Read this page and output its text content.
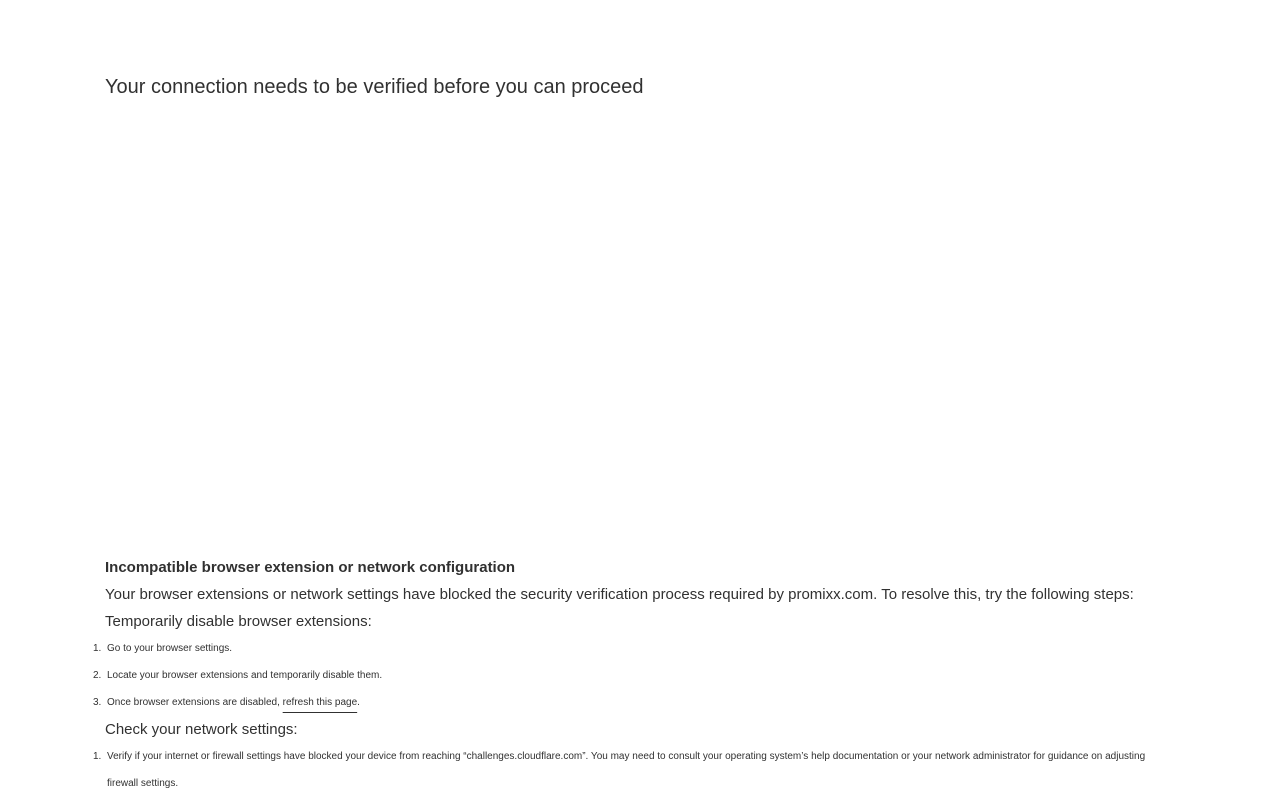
Your connection needs to be verified before you can proceed
Incompatible browser extension or network configuration

Your browser extensions or network settings have blocked the security verification process required by promixx.com. To resolve this, try the following steps:

Temporarily disable browser extensions:

1. Go to your browser settings.
2. Locate your browser extensions and temporarily disable them.
3. Once browser extensions are disabled, refresh this page.

Check your network settings:

1. Verify if your internet or firewall settings have blocked your device from reaching “challenges.cloudflare.com”. You may need to consult your operating system’s help documentation or your network administrator for guidance on adjusting firewall settings.
